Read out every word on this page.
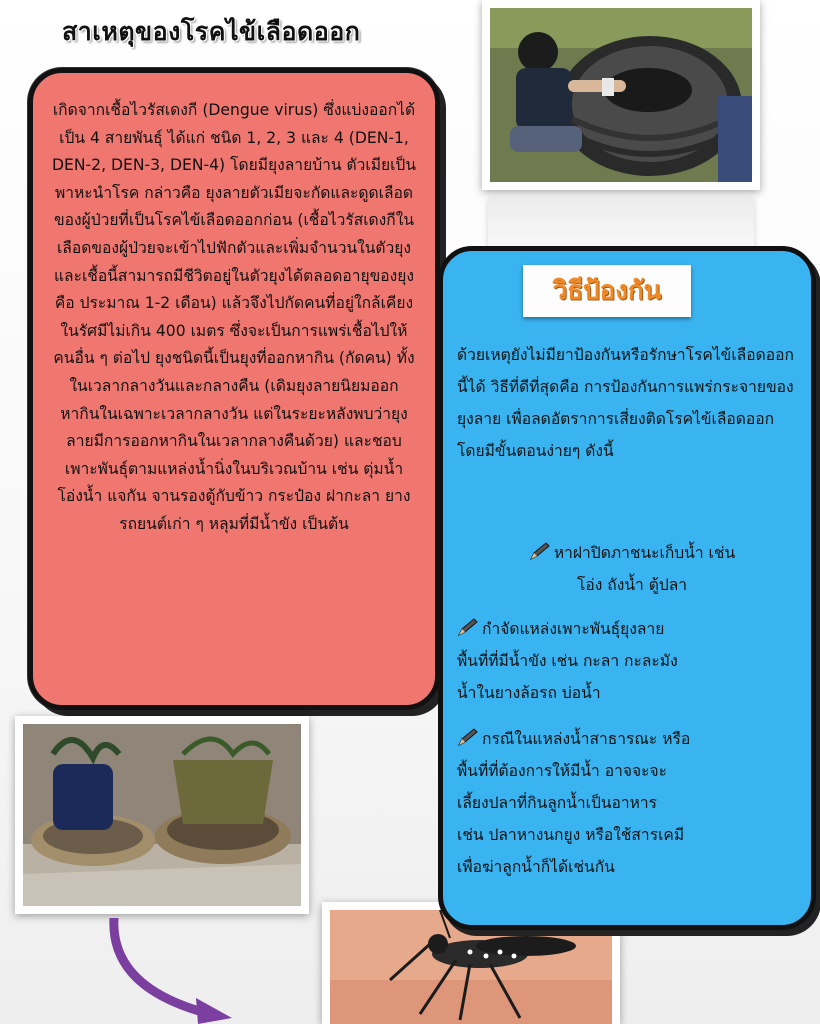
สาเหตุของโรคไข้เลือดออก

เกิดจากเชื้อไวรัสเดงกี (Dengue virus) ซึ่งแบ่งออกได้เป็น 4 สายพันธุ์ ได้แก่ ชนิด 1, 2, 3 และ 4 (DEN-1, DEN-2, DEN-3, DEN-4) โดยมียุงลายบ้าน ตัวเมียเป็นพาหะนำโรค กล่าวคือ ยุงลายตัวเมียจะกัดและดูดเลือดของผู้ป่วยที่เป็นโรคไข้เลือดออกก่อน (เชื้อไวรัสเดงกีในเลือดของผู้ป่วยจะเข้าไปฟักตัวและเพิ่มจำนวนในตัวยุงและเชื้อนี้สามารถมีชีวิตอยู่ในตัวยุงได้ตลอดอายุของยุง คือ ประมาณ 1-2 เดือน) แล้วจึงไปกัดคนที่อยู่ใกล้เคียงในรัศมีไม่เกิน 400 เมตร ซึ่งจะเป็นการแพร่เชื้อไปให้คนอื่น ๆ ต่อไป ยุงชนิดนี้เป็นยุงที่ออกหากิน (กัดคน) ทั้งในเวลากลางวันและกลางคืน (เดิมยุงลายนิยมออกหากินในเฉพาะเวลากลางวัน แต่ในระยะหลังพบว่ายุงลายมีการออกหากินในเวลากลางคืนด้วย) และชอบเพาะพันธุ์ตามแหล่งน้ำนิ่งในบริเวณบ้าน เช่น ตุ่มน้ำ โอ่งน้ำ แจกัน จานรองตู้กับข้าว กระป๋อง ฝากะลา ยางรถยนต์เก่า ๆ หลุมที่มีน้ำขัง เป็นต้น

วิธีป้องกัน

ด้วยเหตุยังไม่มียาป้องกันหรือรักษาโรคไข้เลือดออกนี้ได้ วิธีที่ดีที่สุดคือ การป้องกันการแพร่กระจายของยุงลาย เพื่อลดอัตราการเสี่ยงติดโรคไข้เลือดออก โดยมีขั้นตอนง่ายๆ ดังนี้

หาฝาปิดภาชนะเก็บน้ำ เช่น
โอ่ง ถังน้ำ ตู้ปลา
กำจัดแหล่งเพาะพันธุ์ยุงลาย
พื้นที่ที่มีน้ำขัง เช่น กะลา กะละมัง
น้ำในยางล้อรถ บ่อน้ำ
กรณีในแหล่งน้ำสาธารณะ หรือ
พื้นที่ที่ต้องการให้มีน้ำ อาจจะจะ
เลี้ยงปลาที่กินลูกน้ำเป็นอาหาร
เช่น ปลาหางนกยูง หรือใช้สารเคมี
เพื่อฆ่าลูกน้ำก็ได้เช่นกัน
